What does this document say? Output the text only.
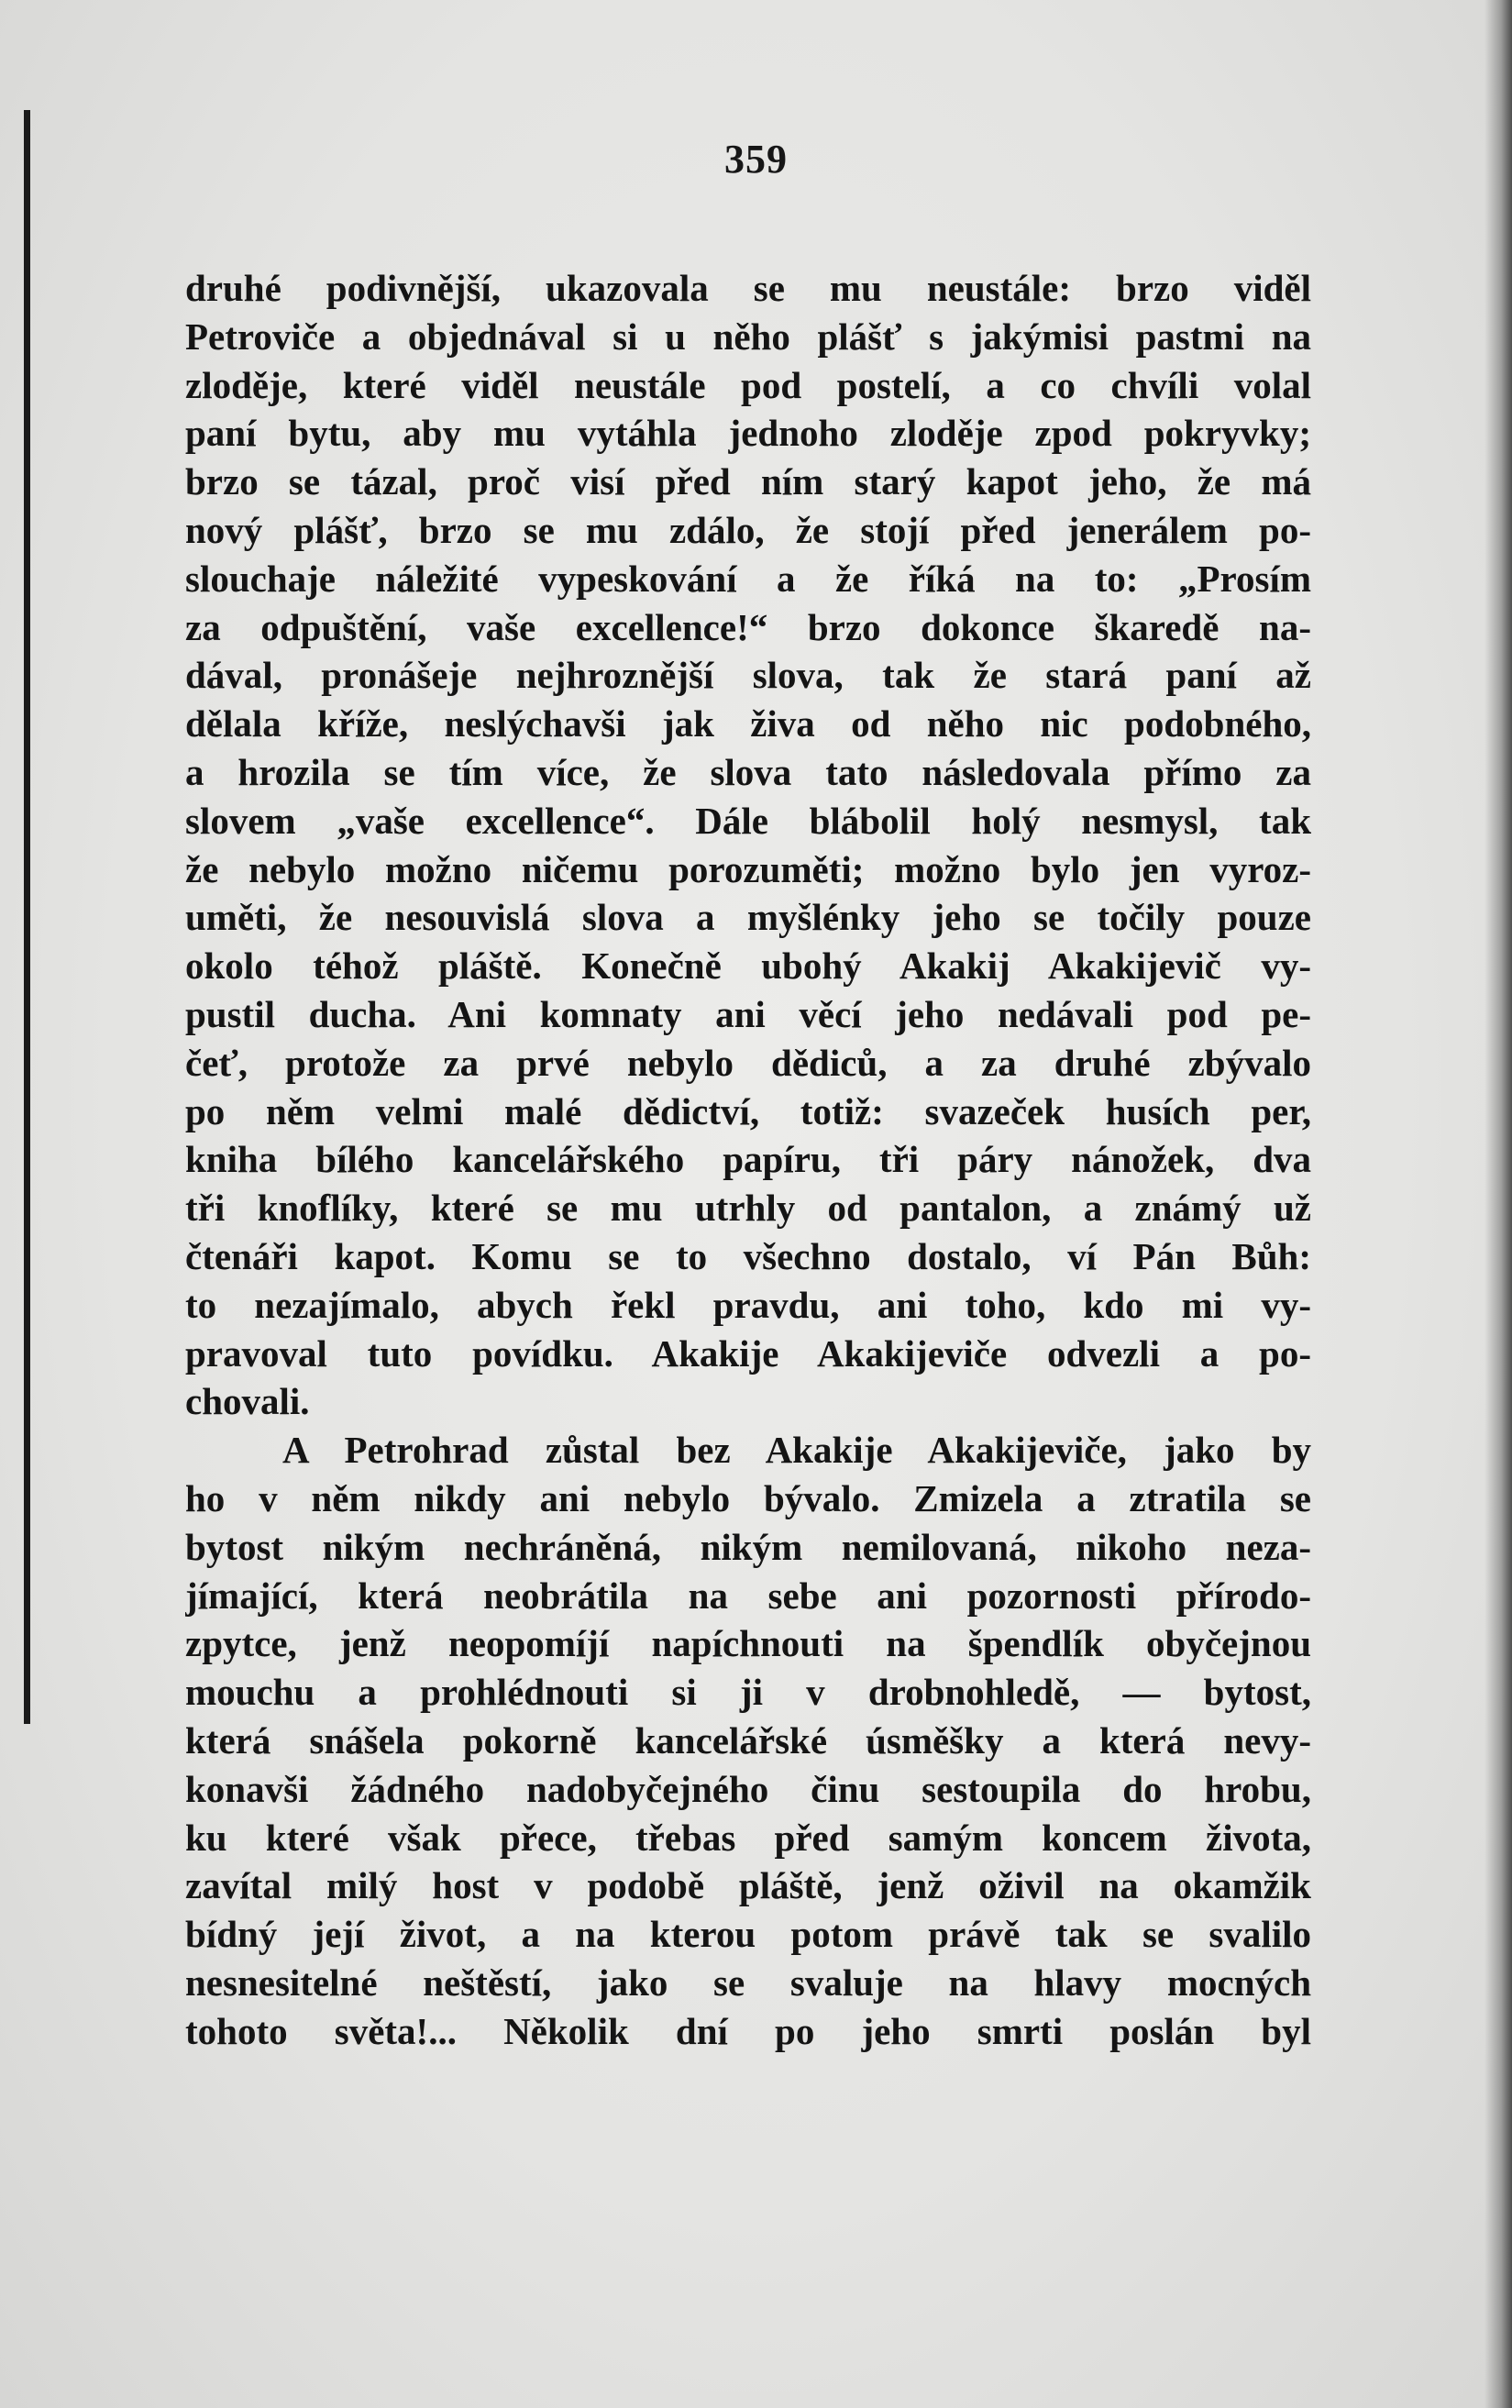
359
druhé podivnější, ukazovala se mu neustále: brzo viděl
Petroviče a objednával si u něho plášť s jakýmisi pastmi na
zloděje, které viděl neustále pod postelí, a co chvíli volal
paní bytu, aby mu vytáhla jednoho zloděje zpod pokryvky;
brzo se tázal, proč visí před ním starý kapot jeho, že má
nový plášť, brzo se mu zdálo, že stojí před jenerálem po-
slouchaje náležité vypeskování a že říká na to: „Prosím
za odpuštění, vaše excellence!“ brzo dokonce škaredě na-
dával, pronášeje nejhroznější slova, tak že stará paní až
dělala kříže, neslýchavši jak živa od něho nic podobného,
a hrozila se tím více, že slova tato následovala přímo za
slovem „vaše excellence“. Dále blábolil holý nesmysl, tak
že nebylo možno ničemu porozuměti; možno bylo jen vyroz-
uměti, že nesouvislá slova a myšlénky jeho se točily pouze
okolo téhož pláště. Konečně ubohý Akakij Akakijevič vy-
pustil ducha. Ani komnaty ani věcí jeho nedávali pod pe-
čeť, protože za prvé nebylo dědiců, a za druhé zbývalo
po něm velmi malé dědictví, totiž: svazeček husích per,
kniha bílého kancelářského papíru, tři páry nánožek, dva
tři knoflíky, které se mu utrhly od pantalon, a známý už
čtenáři kapot. Komu se to všechno dostalo, ví Pán Bůh:
to nezajímalo, abych řekl pravdu, ani toho, kdo mi vy-
pravoval tuto povídku. Akakije Akakijeviče odvezli a po-
chovali.
A Petrohrad zůstal bez Akakije Akakijeviče, jako by
ho v něm nikdy ani nebylo bývalo. Zmizela a ztratila se
bytost nikým nechráněná, nikým nemilovaná, nikoho neza-
jímající, která neobrátila na sebe ani pozornosti přírodo-
zpytce, jenž neopomíjí napíchnouti na špendlík obyčejnou
mouchu a prohlédnouti si ji v drobnohledě, — bytost,
která snášela pokorně kancelářské úsměšky a která nevy-
konavši žádného nadobyčejného činu sestoupila do hrobu,
ku které však přece, třebas před samým koncem života,
zavítal milý host v podobě pláště, jenž oživil na okamžik
bídný její život, a na kterou potom právě tak se svalilo
nesnesitelné neštěstí, jako se svaluje na hlavy mocných
tohoto světa!... Několik dní po jeho smrti poslán byl
